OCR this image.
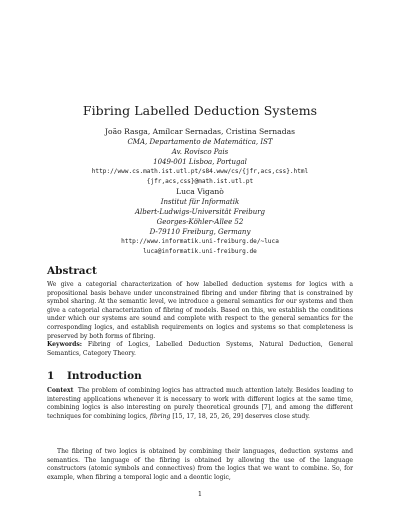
Fibring Labelled Deduction Systems
João Rasga, Amílcar Sernadas, Cristina Sernadas
CMA, Departamento de Matemática, IST
Av. Rovisco Pais
1049-001 Lisboa, Portugal
http://www.cs.math.ist.utl.pt/s84.www/cs/{jfr,acs,css}.html
{jfr,acs,css}@math.ist.utl.pt
Luca Viganò
Institut für Informatik
Albert-Ludwigs-Universität Freiburg
Georges-Köhler-Allee 52
D-79110 Freiburg, Germany
http://www.informatik.uni-freiburg.de/~luca
luca@informatik.uni-freiburg.de
Abstract
We give a categorial characterization of how labelled deduction systems for logics with a propositional basis behave under unconstrained fibring and under fibring that is constrained by symbol sharing. At the semantic level, we introduce a general semantics for our systems and then give a categorial characterization of fibring of models. Based on this, we establish the conditions under which our systems are sound and complete with respect to the general semantics for the corresponding logics, and establish requirements on logics and systems so that completeness is preserved by both forms of fibring.
Keywords: Fibring of Logics, Labelled Deduction Systems, Natural Deduction, General Semantics, Category Theory.
1 Introduction
Context The problem of combining logics has attracted much attention lately. Besides leading to interesting applications whenever it is necessary to work with different logics at the same time, combining logics is also interesting on purely theoretical grounds [7], and among the different techniques for combining logics, fibring [15, 17, 18, 25, 26, 29] deserves close study.
The fibring of two logics is obtained by combining their languages, deduction systems and semantics. The language of the fibring is obtained by allowing the use of the language constructors (atomic symbols and connectives) from the logics that we want to combine. So, for example, when fibring a temporal logic and a deontic logic,
1
